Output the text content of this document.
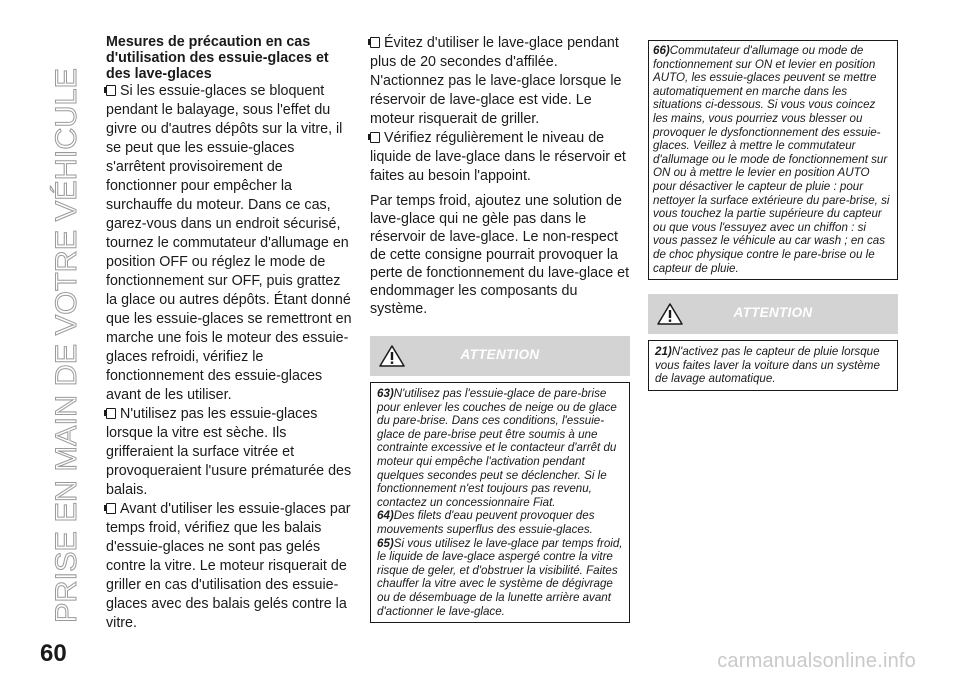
PRISE EN MAIN DE VOTRE VÉHICULE

Mesures de précaution en cas d'utilisation des essuie-glaces et des lave-glaces

Si les essuie-glaces se bloquent pendant le balayage, sous l'effet du givre ou d'autres dépôts sur la vitre, il se peut que les essuie-glaces s'arrêtent provisoirement de fonctionner pour empêcher la surchauffe du moteur. Dans ce cas, garez-vous dans un endroit sécurisé, tournez le commutateur d'allumage en position OFF ou réglez le mode de fonctionnement sur OFF, puis grattez la glace ou autres dépôts. Étant donné que les essuie-glaces se remettront en marche une fois le moteur des essuie-glaces refroidi, vérifiez le fonctionnement des essuie-glaces avant de les utiliser.

N'utilisez pas les essuie-glaces lorsque la vitre est sèche. Ils grifferaient la surface vitrée et provoqueraient l'usure prématurée des balais.

Avant d'utiliser les essuie-glaces par temps froid, vérifiez que les balais d'essuie-glaces ne sont pas gelés contre la vitre. Le moteur risquerait de griller en cas d'utilisation des essuie-glaces avec des balais gelés contre la vitre.

Évitez d'utiliser le lave-glace pendant plus de 20 secondes d'affilée. N'actionnez pas le lave-glace lorsque le réservoir de lave-glace est vide. Le moteur risquerait de griller.

Vérifiez régulièrement le niveau de liquide de lave-glace dans le réservoir et faites au besoin l'appoint.

Par temps froid, ajoutez une solution de lave-glace qui ne gèle pas dans le réservoir de lave-glace. Le non-respect de cette consigne pourrait provoquer la perte de fonctionnement du lave-glace et endommager les composants du système.

ATTENTION

63)N'utilisez pas l'essuie-glace de pare-brise pour enlever les couches de neige ou de glace du pare-brise. Dans ces conditions, l'essuie-glace de pare-brise peut être soumis à une contrainte excessive et le contacteur d'arrêt du moteur qui empêche l'activation pendant quelques secondes peut se déclencher. Si le fonctionnement n'est toujours pas revenu, contactez un concessionnaire Fiat.

64)Des filets d'eau peuvent provoquer des mouvements superflus des essuie-glaces.

65)Si vous utilisez le lave-glace par temps froid, le liquide de lave-glace aspergé contre la vitre risque de geler, et d'obstruer la visibilité. Faites chauffer la vitre avec le système de dégivrage ou de désembuage de la lunette arrière avant d'actionner le lave-glace.

66)Commutateur d'allumage ou mode de fonctionnement sur ON et levier en position AUTO, les essuie-glaces peuvent se mettre automatiquement en marche dans les situations ci-dessous. Si vous vous coincez les mains, vous pourriez vous blesser ou provoquer le dysfonctionnement des essuie-glaces. Veillez à mettre le commutateur d'allumage ou le mode de fonctionnement sur ON ou à mettre le levier en position AUTO pour désactiver le capteur de pluie : pour nettoyer la surface extérieure du pare-brise, si vous touchez la partie supérieure du capteur ou que vous l'essuyez avec un chiffon : si vous passez le véhicule au car wash ; en cas de choc physique contre le pare-brise ou le capteur de pluie.

ATTENTION

21)N'activez pas le capteur de pluie lorsque vous faites laver la voiture dans un système de lavage automatique.

60	carmanualsonline.info
